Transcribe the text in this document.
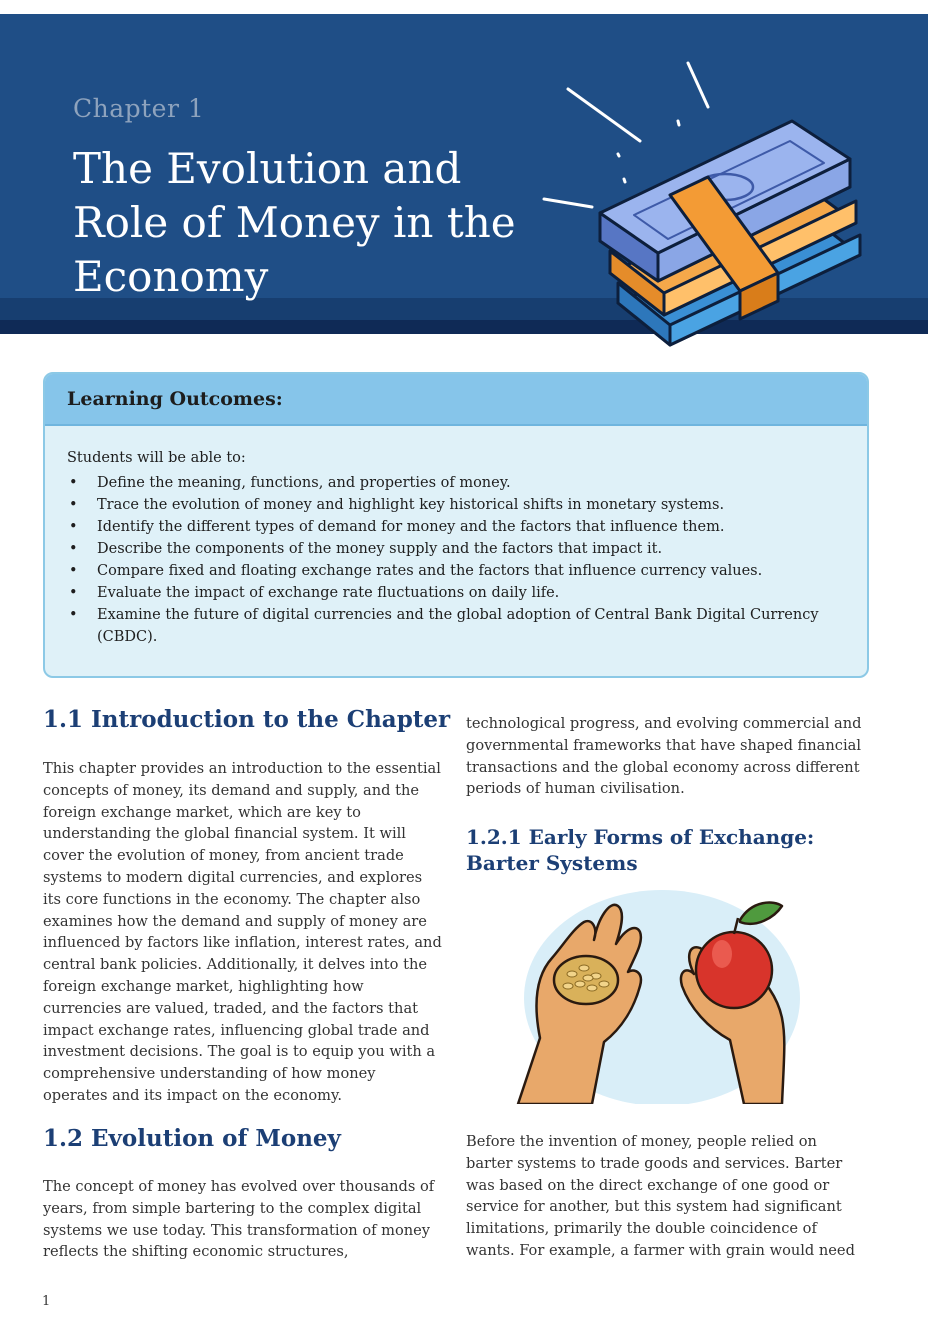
Chapter 1
The Evolution and Role of Money in the Economy
Learning Outcomes:
Students will be able to:
• Define the meaning, functions, and properties of money.
• Trace the evolution of money and highlight key historical shifts in monetary systems.
• Identify the different types of demand for money and the factors that influence them.
• Describe the components of the money supply and the factors that impact it.
• Compare fixed and floating exchange rates and the factors that influence currency values.
• Evaluate the impact of exchange rate fluctuations on daily life.
• Examine the future of digital currencies and the global adoption of Central Bank Digital Currency (CBDC).
1.1 Introduction to the Chapter

This chapter provides an introduction to the essential concepts of money, its demand and supply, and the foreign exchange market, which are key to understanding the global financial system. It will cover the evolution of money, from ancient trade systems to modern digital currencies, and explores its core functions in the economy. The chapter also examines how the demand and supply of money are influenced by factors like inflation, interest rates, and central bank policies. Additionally, it delves into the foreign exchange market, highlighting how currencies are valued, traded, and the factors that impact exchange rates, influencing global trade and investment decisions. The goal is to equip you with a comprehensive understanding of how money operates and its impact on the economy.

1.2 Evolution of Money

The concept of money has evolved over thousands of years, from simple bartering to the complex digital systems we use today. This transformation of money reflects the shifting economic structures,

technological progress, and evolving commercial and governmental frameworks that have shaped financial transactions and the global economy across different periods of human civilisation.

1.2.1 Early Forms of Exchange: Barter Systems

Before the invention of money, people relied on barter systems to trade goods and services. Barter was based on the direct exchange of one good or service for another, but this system had significant limitations, primarily the double coincidence of wants. For example, a farmer with grain would need

1
